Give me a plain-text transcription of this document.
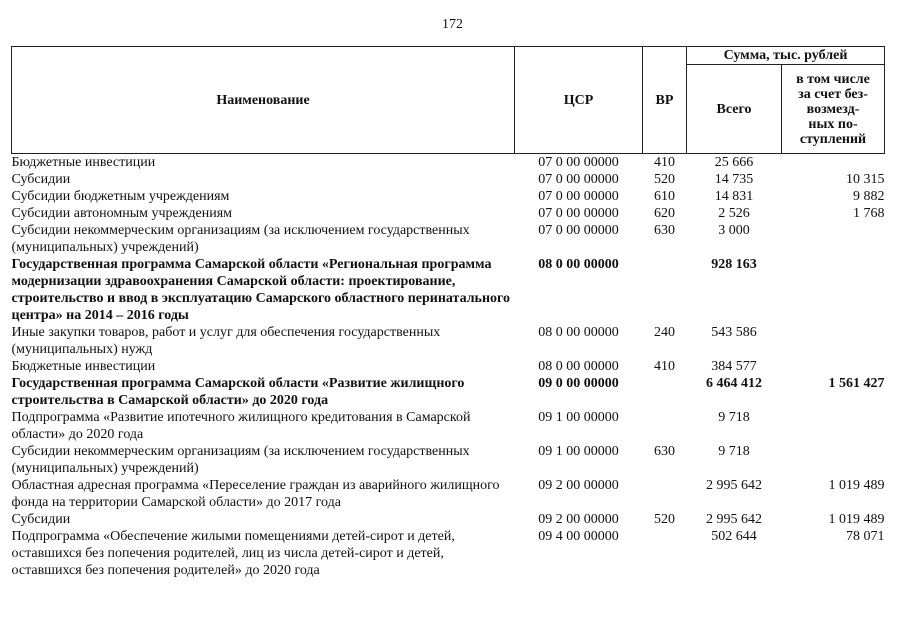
172
Наименование	ЦСР	ВР	Сумма, тыс. рублей	
			Всего	в том числе
за счет без-
возмезд-
ных по-
ступлений

Бюджетные инвестиции	07 0 00 00000	410	25 666	
Субсидии	07 0 00 00000	520	14 735	10 315
Субсидии бюджетным учреждениям	07 0 00 00000	610	14 831	9 882
Субсидии автономным учреждениям	07 0 00 00000	620	2 526	1 768
Субсидии некоммерческим организациям (за исключением государственных (муниципальных) учреждений)	07 0 00 00000	630	3 000	
Государственная программа Самарской области «Региональная программа модернизации здравоохранения Самарской области: проектирование, строительство и ввод в эксплуатацию Самарского областного перинатального центра» на 2014 – 2016 годы	08 0 00 00000		928 163	
Иные закупки товаров, работ и услуг для обеспечения государственных (муниципальных) нужд	08 0 00 00000	240	543 586	
Бюджетные инвестиции	08 0 00 00000	410	384 577	
Государственная программа Самарской области «Развитие жилищного строительства в Самарской области» до 2020 года	09 0 00 00000		6 464 412	1 561 427
Подпрограмма «Развитие ипотечного жилищного кредитования в Самарской области» до 2020 года	09 1 00 00000		9 718	
Субсидии некоммерческим организациям (за исключением государственных (муниципальных) учреждений)	09 1 00 00000	630	9 718	
Областная адресная программа «Переселение граждан из аварийного жилищного фонда на территории Самарской области» до 2017 года	09 2 00 00000		2 995 642	1 019 489
Субсидии	09 2 00 00000	520	2 995 642	1 019 489
Подпрограмма «Обеспечение жилыми помещениями детей-сирот и детей, оставшихся без попечения родителей, лиц из числа детей-сирот и детей, оставшихся без попечения родителей» до 2020 года	09 4 00 00000		502 644	78 071
